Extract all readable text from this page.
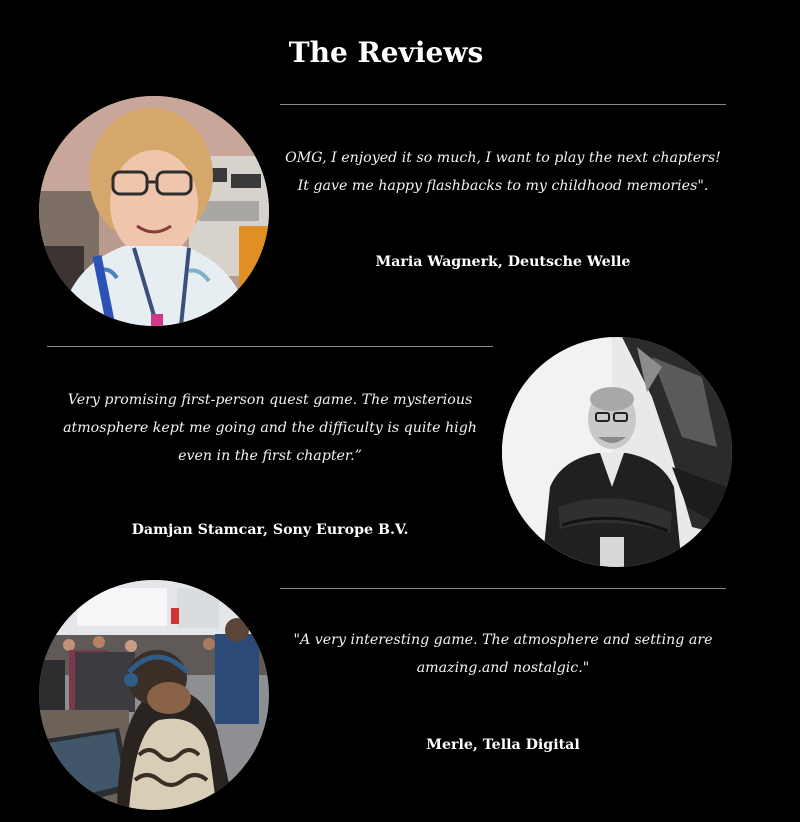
The Reviews

OMG, I enjoyed it so much, I want to play the next chapters!
It gave me happy flashbacks to my childhood memories".

Maria Wagnerk, Deutsche Welle

Very promising first-person quest game. The mysterious
atmosphere kept me going and the difficulty is quite high
even in the first chapter.”

Damjan Stamcar, Sony Europe B.V.

"A very interesting game. The atmosphere and setting are
amazing.and nostalgic."

Merle, Tella Digital
